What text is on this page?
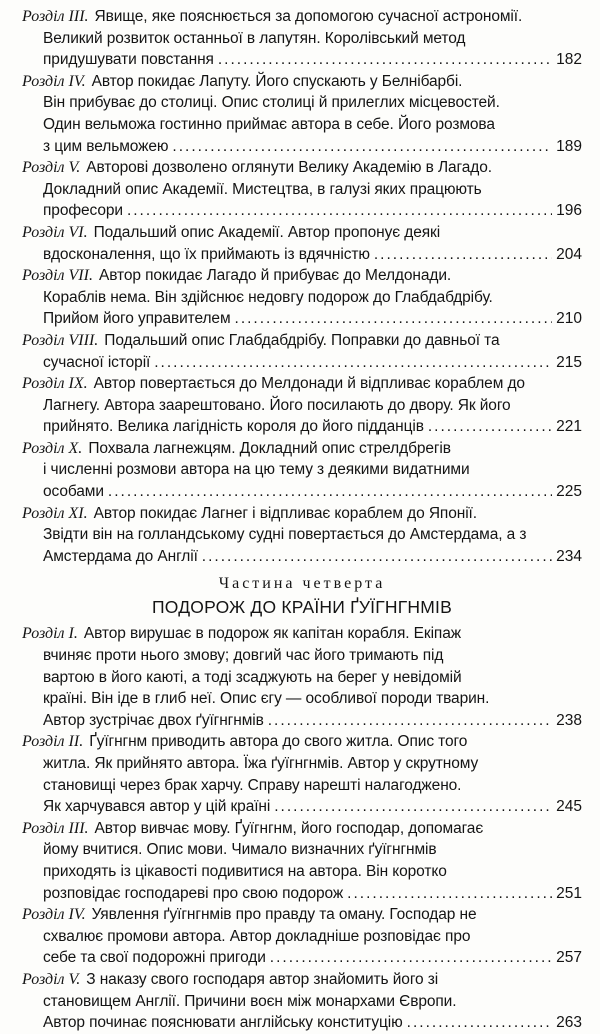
Розділ III. Явище, яке пояснюється за допомогою сучасної астрономії.
Великий розвиток останньої в лапутян. Королівський метод
придушувати повстання .....	182
Розділ IV. Автор покидає Лапуту. Його спускають у Белнібарбі.
Він прибуває до столиці. Опис столиці й прилеглих місцевостей.
Один вельможа гостинно приймає автора в себе. Його розмова
з цим вельможею .....	189
Розділ V. Авторові дозволено оглянути Велику Академію в Лагадо.
Докладний опис Академії. Мистецтва, в галузі яких працюють
професори .....	196
Розділ VI. Подальший опис Академії. Автор пропонує деякі
вдосконалення, що їх приймають із вдячністю .....	204
Розділ VII. Автор покидає Лагадо й прибуває до Мелдонади.
Кораблів нема. Він здійснює недовгу подорож до Глабдабдрібу.
Прийом його управителем .....	210
Розділ VIII. Подальший опис Глабдабдрібу. Поправки до давньої та
сучасної історії .....	215
Розділ IX. Автор повертається до Мелдонади й відпливає кораблем до
Лагнегу. Автора заарештовано. Його посилають до двору. Як його
прийнято. Велика лагідність короля до його підданців .....	221
Розділ X. Похвала лагнежцям. Докладний опис стрелдбрегів
і численні розмови автора на цю тему з деякими видатними
особами .....	225
Розділ XI. Автор покидає Лагнег і відпливає кораблем до Японії.
Звідти він на голландському судні повертається до Амстердама, а з
Амстердама до Англії .....	234
Частина четверта
ПОДОРОЖ ДО КРАЇНИ ҐУЇГНГНМІВ
Розділ I. Автор вирушає в подорож як капітан корабля. Екіпаж
вчиняє проти нього змову; довгий час його тримають під
вартою в його каюті, а тоді зсаджують на берег у невідомій
країні. Він іде в глиб неї. Опис єгу — особливої породи тварин.
Автор зустрічає двох ґуїгнгнмів .....	238
Розділ II. Ґуїгнгнм приводить автора до свого житла. Опис того
житла. Як прийнято автора. Їжа ґуїгнгнмів. Автор у скрутному
становищі через брак харчу. Справу нарешті налагоджено.
Як харчувався автор у цій країні .....	245
Розділ III. Автор вивчає мову. Ґуїгнгнм, його господар, допомагає
йому вчитися. Опис мови. Чимало визначних ґуїгнгнмів
приходять із цікавості подивитися на автора. Він коротко
розповідає господареві про свою подорож .....	251
Розділ IV. Уявлення ґуїгнгнмів про правду та оману. Господар не
схвалює промови автора. Автор докладніше розповідає про
себе та свої подорожні пригоди .....	257
Розділ V. З наказу свого господаря автор знайомить його зі
становищем Англії. Причини воєн між монархами Європи.
Автор починає пояснювати англійську конституцію .....	263
